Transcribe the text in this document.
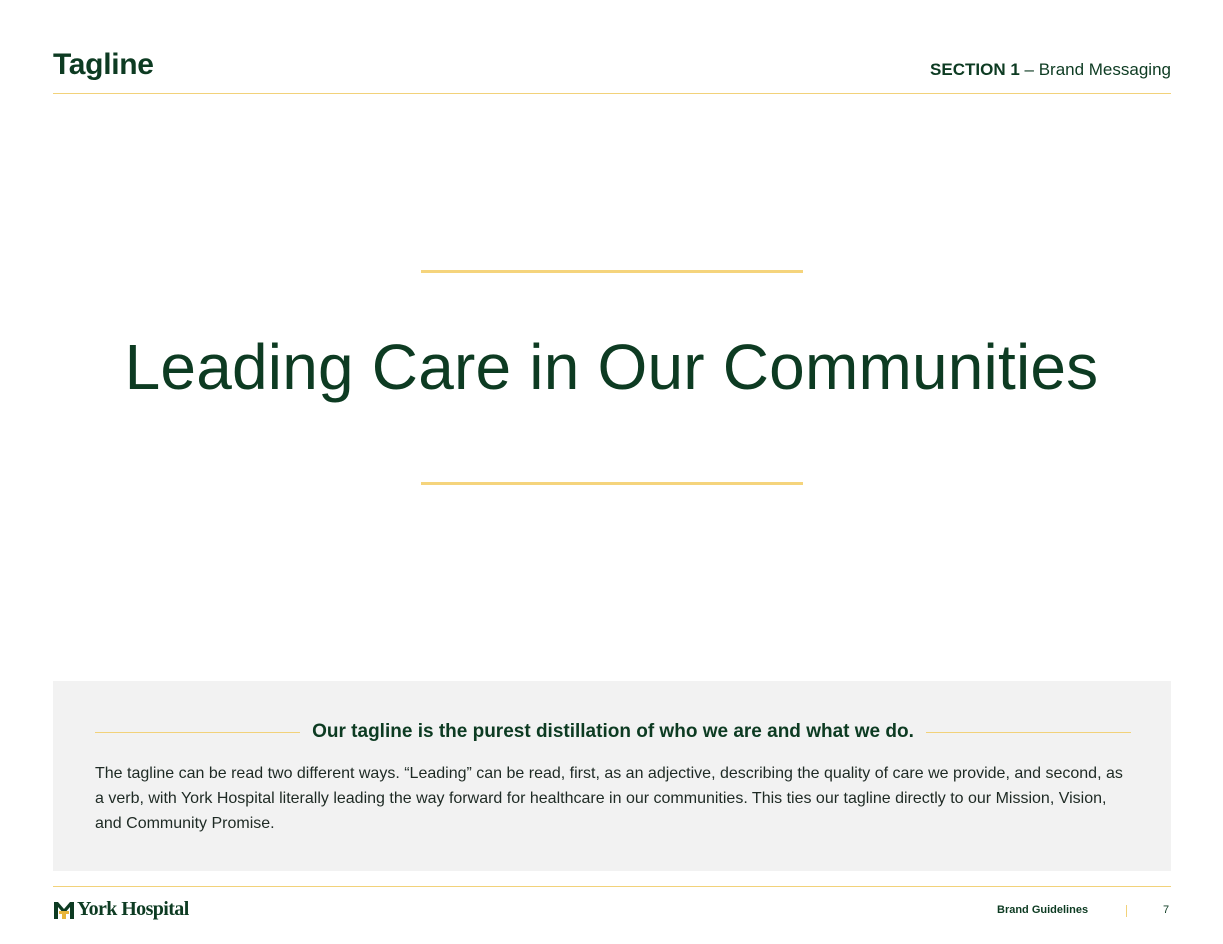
Tagline	SECTION 1 – Brand Messaging
Leading Care in Our Communities
Our tagline is the purest distillation of who we are and what we do.
The tagline can be read two different ways. “Leading” can be read, first, as an adjective, describing the quality of care we provide, and second, as a verb, with York Hospital literally leading the way forward for healthcare in our communities. This ties our tagline directly to our Mission, Vision, and Community Promise.
York Hospital	Brand Guidelines	7
